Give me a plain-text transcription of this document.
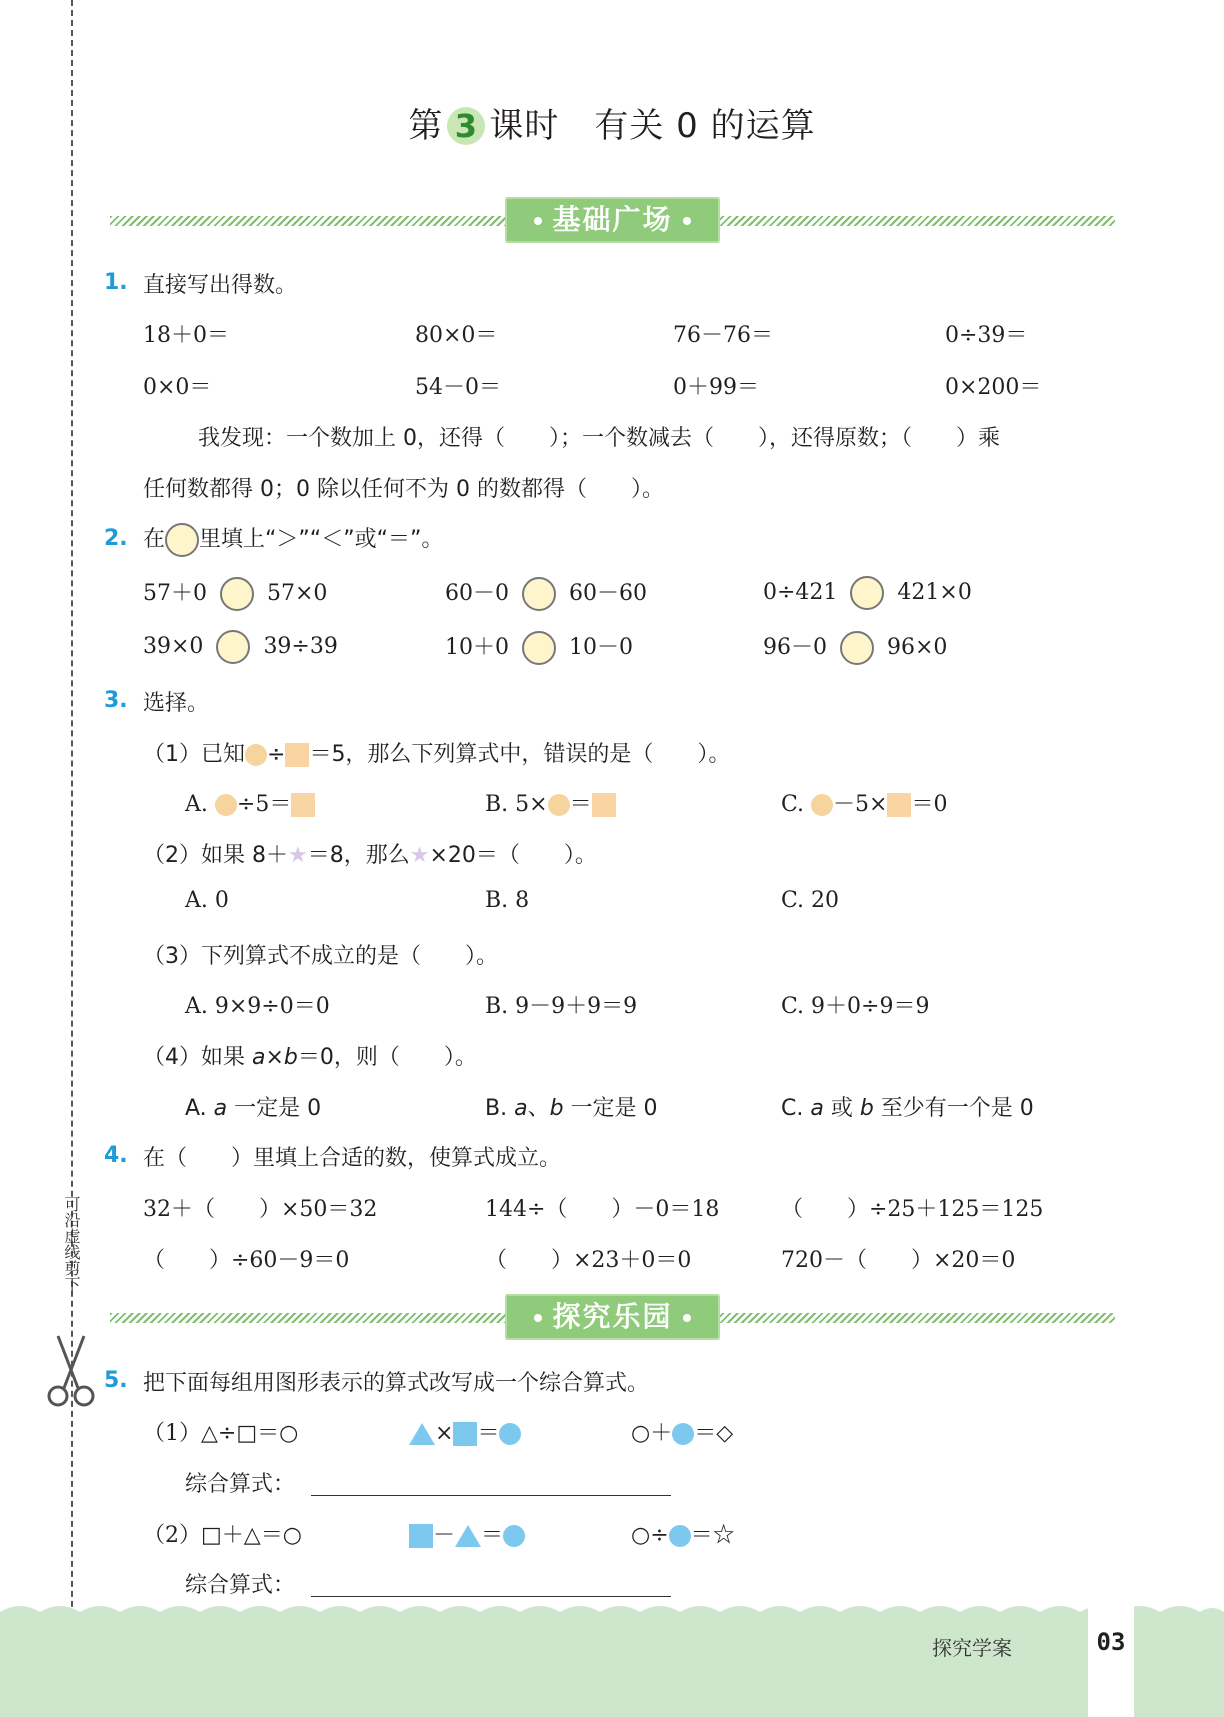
可沿虚线剪下
第 3 课时　有关 0 的运算
基础广场
1. 直接写出得数。
18＋0＝	80×0＝	76－76＝	0÷39＝
0×0＝	54－0＝	0＋99＝	0×200＝
我发现：一个数加上 0，还得（　　）；一个数减去（　　），还得原数；（　　）乘
任何数都得 0；0 除以任何不为 0 的数都得（　　）。
2. 在 里填上“＞”“＜”或“＝”。
57＋0	57×0	60－0	60－60	0÷421	421×0
39×0	39÷39	10＋0	10－0	96－0	96×0
3. 选择。
（1）已知 ÷ ＝5，那么下列算式中，错误的是（　　）。
A. ÷5＝	B. 5× ＝	C. －5× ＝0
（2）如果 8＋★＝8，那么★×20＝（　　）。
A. 0	B. 8	C. 20
（3）下列算式不成立的是（　　）。
A. 9×9÷0＝0	B. 9－9＋9＝9	C. 9＋0÷9＝9
（4）如果 a×b＝0，则（　　）。
A. a 一定是 0	B. a、b 一定是 0	C. a 或 b 至少有一个是 0
4. 在（　　）里填上合适的数，使算式成立。
32＋（　　）×50＝32	144÷（　　）－0＝18	（　　）÷25＋125＝125
（　　）÷60－9＝0	（　　）×23＋0＝0	720－（　　）×20＝0
探究乐园
5. 把下面每组用图形表示的算式改写成一个综合算式。
（1）△÷□＝○	× ＝	○＋ ＝◇
综合算式：
（2）□＋△＝○	－ ＝	○÷ ＝☆
综合算式：
探究学案	03
